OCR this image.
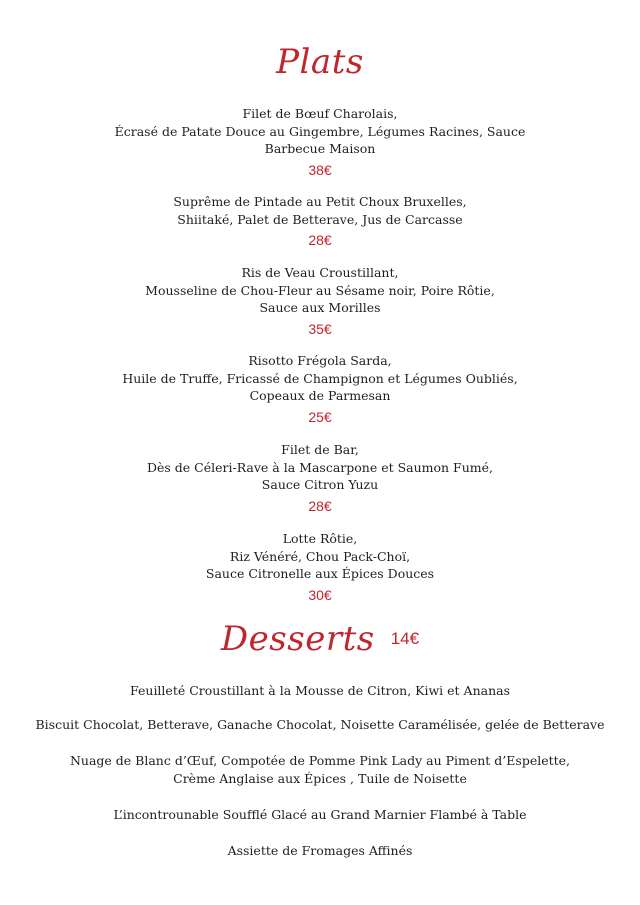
Plats
Filet de Bœuf Charolais,
Écrasé de Patate Douce au Gingembre, Légumes Racines, Sauce
Barbecue Maison
38€
Suprême de Pintade au Petit Choux Bruxelles,
Shiitaké, Palet de Betterave, Jus de Carcasse
28€
Ris de Veau Croustillant,
Mousseline de Chou-Fleur au Sésame noir, Poire Rôtie,
Sauce aux Morilles
35€
Risotto Frégola Sarda,
Huile de Truffe, Fricassé de Champignon et Légumes Oubliés,
Copeaux de Parmesan
25€
Filet de Bar,
Dès de Céleri-Rave à la Mascarpone et Saumon Fumé,
Sauce Citron Yuzu
28€
Lotte Rôtie,
Riz Vénéré, Chou Pack-Choï,
Sauce Citronelle aux Épices Douces
30€
Desserts 14€
Feuilleté Croustillant à la Mousse de Citron, Kiwi et Ananas
Biscuit Chocolat, Betterave, Ganache Chocolat, Noisette Caramélisée, gelée de Betterave
Nuage de Blanc d’Œuf, Compotée de Pomme Pink Lady au Piment d’Espelette,
Crème Anglaise aux Épices , Tuile de Noisette
L’incontrounable Soufflé Glacé au Grand Marnier Flambé à Table
Assiette de Fromages Affinés
